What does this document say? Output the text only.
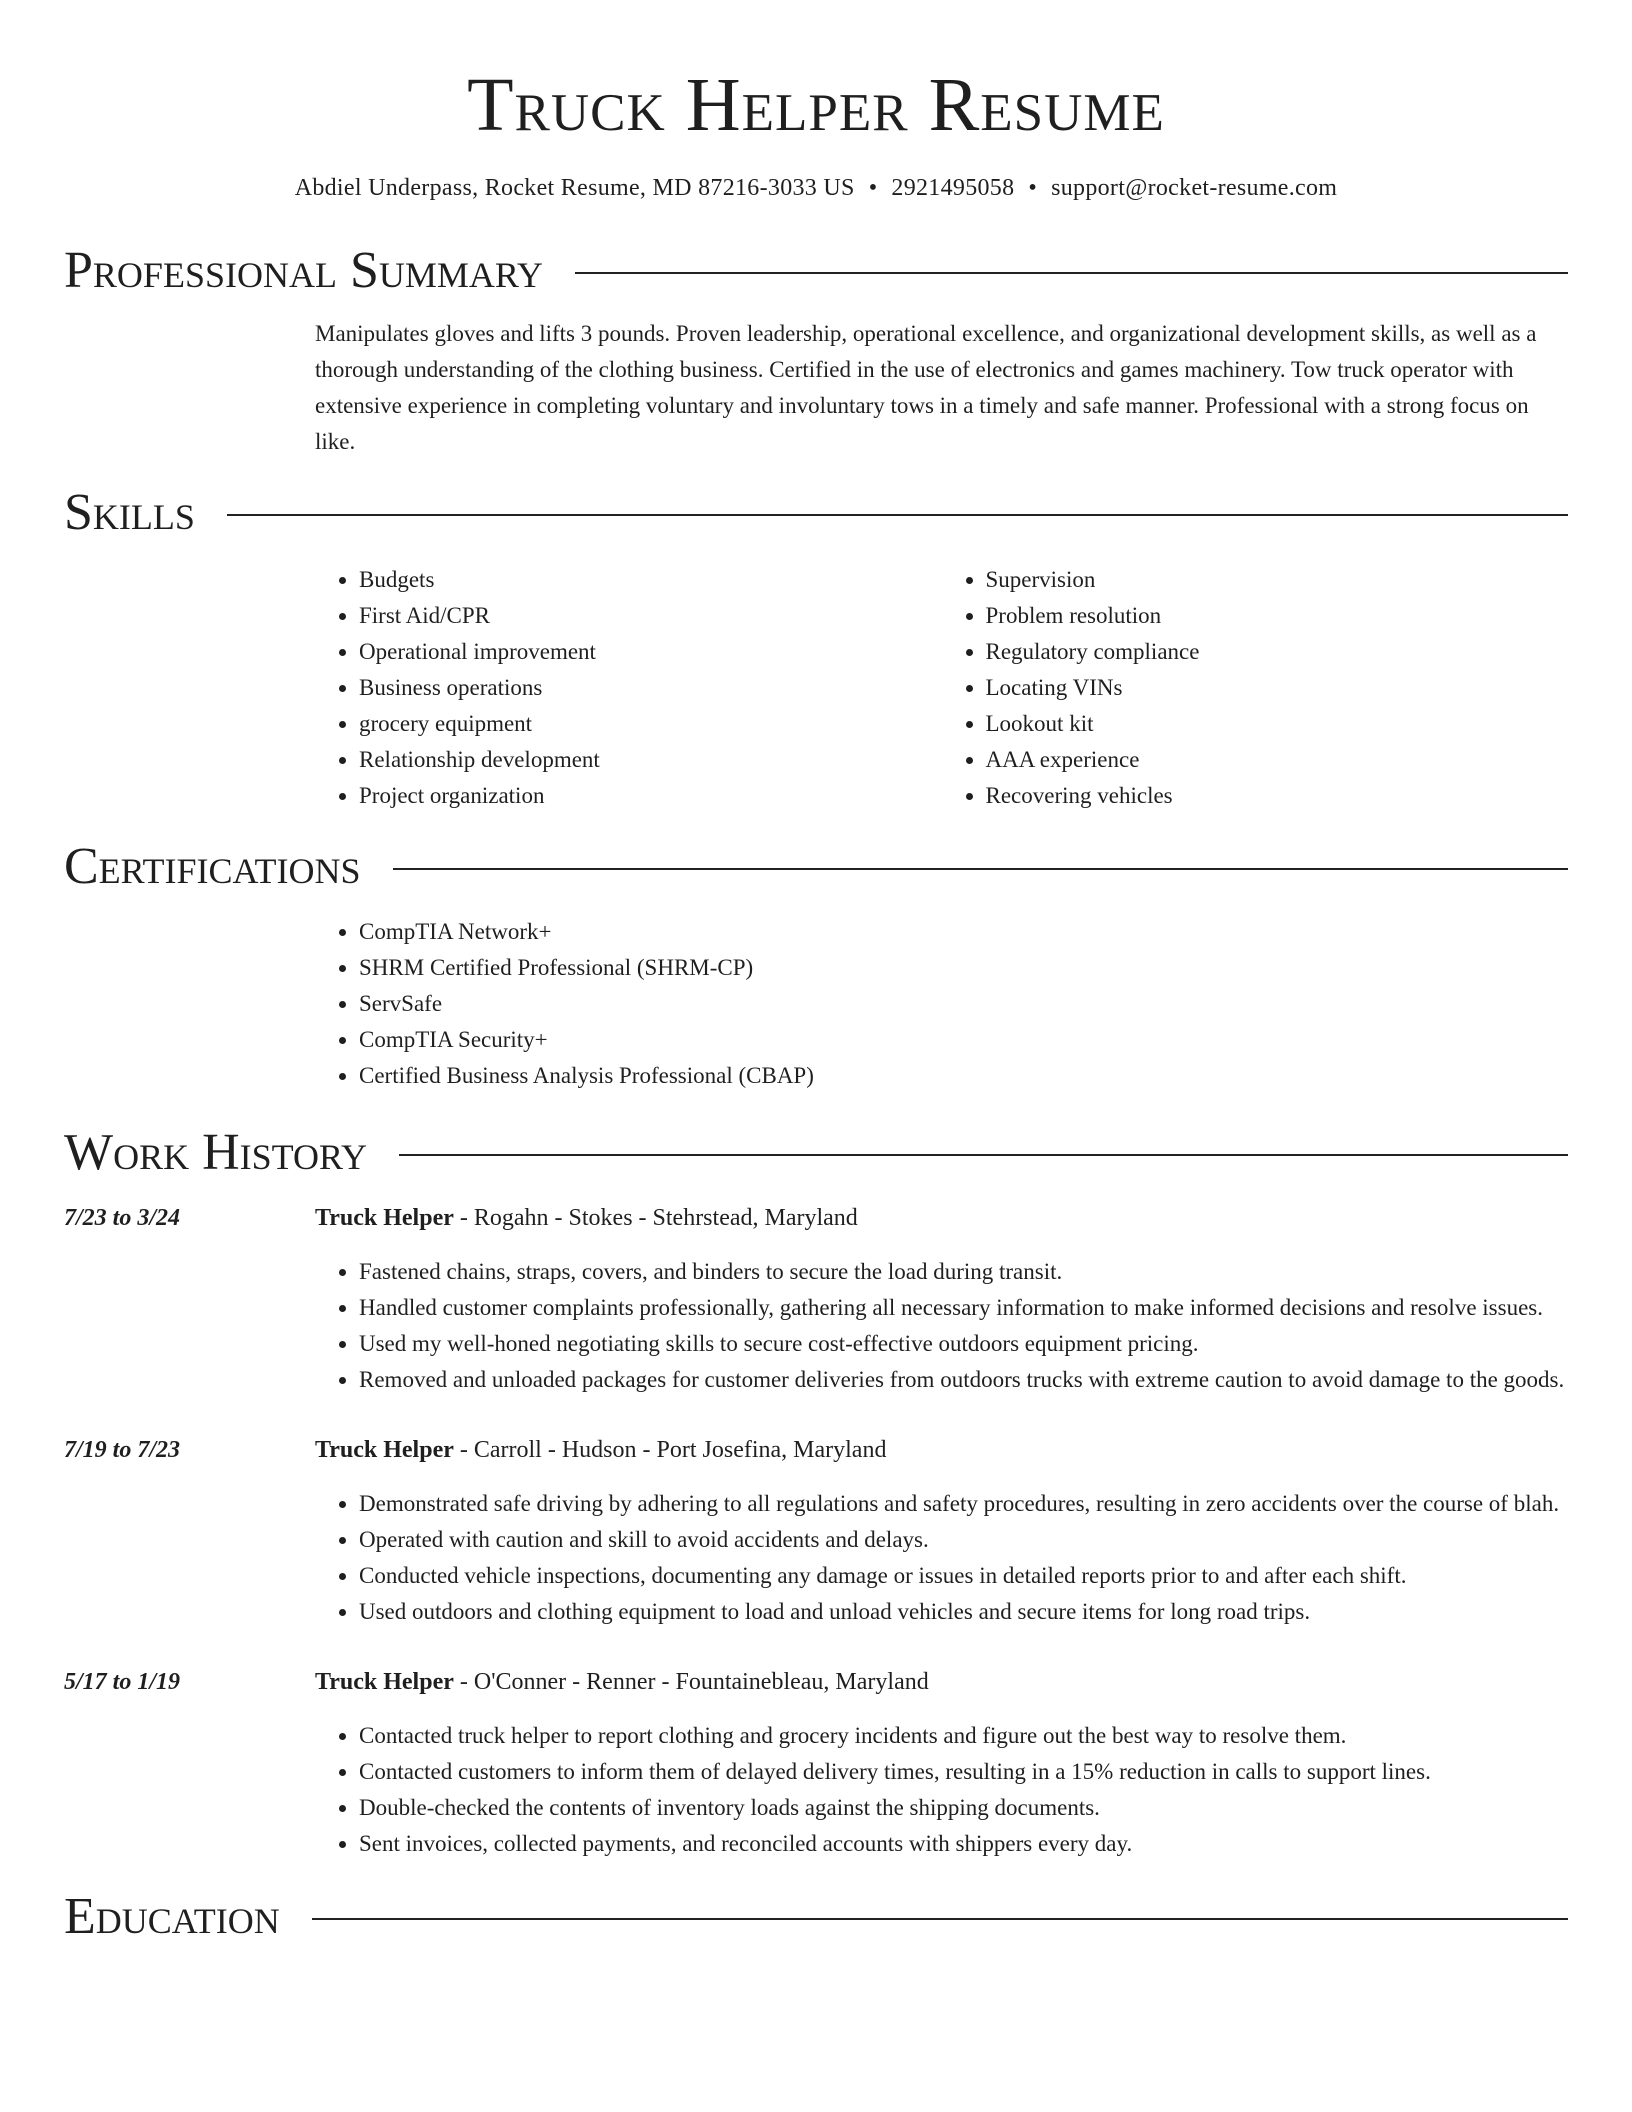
Truck Helper Resume
Abdiel Underpass, Rocket Resume, MD 87216-3033 US • 2921495058 • support@rocket-resume.com
Professional Summary
Manipulates gloves and lifts 3 pounds. Proven leadership, operational excellence, and organizational development skills, as well as a thorough understanding of the clothing business. Certified in the use of electronics and games machinery. Tow truck operator with extensive experience in completing voluntary and involuntary tows in a timely and safe manner. Professional with a strong focus on like.
Skills
• Budgets
• First Aid/CPR
• Operational improvement
• Business operations
• grocery equipment
• Relationship development
• Project organization
• Supervision
• Problem resolution
• Regulatory compliance
• Locating VINs
• Lookout kit
• AAA experience
• Recovering vehicles
Certifications
• CompTIA Network+
• SHRM Certified Professional (SHRM-CP)
• ServSafe
• CompTIA Security+
• Certified Business Analysis Professional (CBAP)
Work History
7/23 to 3/24	Truck Helper - Rogahn - Stokes - Stehrstead, Maryland
• Fastened chains, straps, covers, and binders to secure the load during transit.
• Handled customer complaints professionally, gathering all necessary information to make informed decisions and resolve issues.
• Used my well-honed negotiating skills to secure cost-effective outdoors equipment pricing.
• Removed and unloaded packages for customer deliveries from outdoors trucks with extreme caution to avoid damage to the goods.
7/19 to 7/23	Truck Helper - Carroll - Hudson - Port Josefina, Maryland
• Demonstrated safe driving by adhering to all regulations and safety procedures, resulting in zero accidents over the course of blah.
• Operated with caution and skill to avoid accidents and delays.
• Conducted vehicle inspections, documenting any damage or issues in detailed reports prior to and after each shift.
• Used outdoors and clothing equipment to load and unload vehicles and secure items for long road trips.
5/17 to 1/19	Truck Helper - O'Conner - Renner - Fountainebleau, Maryland
• Contacted truck helper to report clothing and grocery incidents and figure out the best way to resolve them.
• Contacted customers to inform them of delayed delivery times, resulting in a 15% reduction in calls to support lines.
• Double-checked the contents of inventory loads against the shipping documents.
• Sent invoices, collected payments, and reconciled accounts with shippers every day.
Education
